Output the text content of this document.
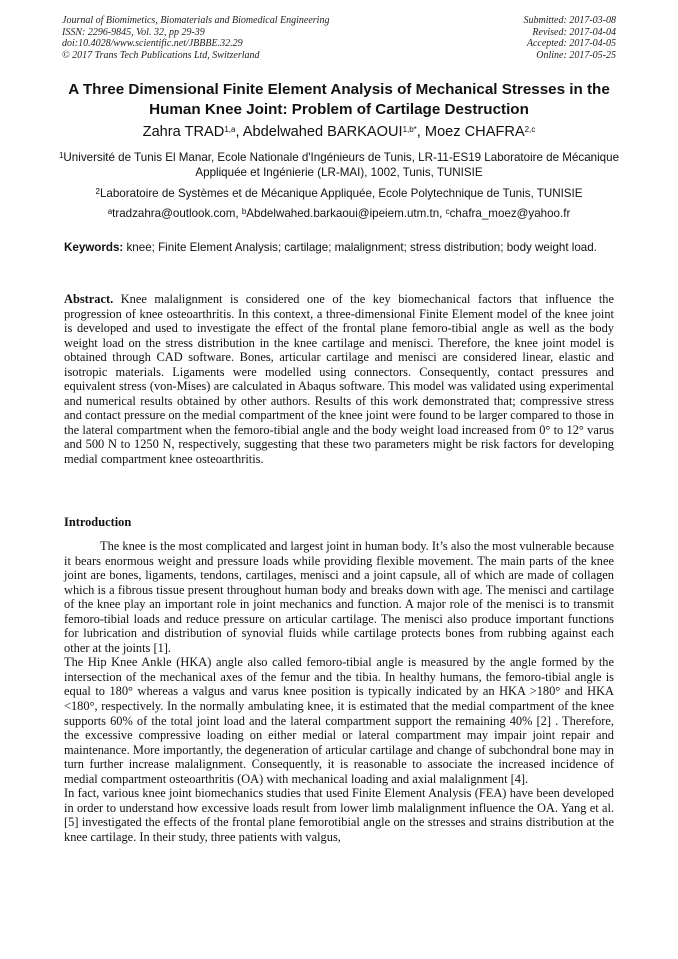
Journal of Biomimetics, Biomaterials and Biomedical Engineering
ISSN: 2296-9845, Vol. 32, pp 29-39
doi:10.4028/www.scientific.net/JBBBE.32.29
© 2017 Trans Tech Publications Ltd, Switzerland
Submitted: 2017-03-08
Revised: 2017-04-04
Accepted: 2017-04-05
Online: 2017-05-25
A Three Dimensional Finite Element Analysis of Mechanical Stresses in the Human Knee Joint: Problem of Cartilage Destruction
Zahra TRAD$^{1,a}$, Abdelwahed $BARKAOUI^{1,b*}$, Moez CHAFRA$^{2,c}$
$^1$Université de Tunis El Manar, Ecole Nationale d'Ingénieurs de Tunis, LR-11-ES19 Laboratoire de Mécanique Appliquée et Ingénierie (LR-MAI), 1002, Tunis, TUNISIE
$^2$Laboratoire de Systèmes et de Mécanique Appliquée, Ecole Polytechnique de Tunis, TUNISIE
$^a$tradzahra@outlook.com, $^b$Abdelwahed.barkaoui@ipeiem.utm.tn, $^c$chafra_moez@yahoo.fr
Keywords: knee; Finite Element Analysis; cartilage; malalignment; stress distribution; body weight load.
Abstract. Knee malalignment is considered one of the key biomechanical factors that influence the progression of knee osteoarthritis. In this context, a three-dimensional Finite Element model of the knee joint is developed and used to investigate the effect of the frontal plane femoro-tibial angle as well as the body weight load on the stress distribution in the knee cartilage and menisci. Therefore, the knee joint model is obtained through CAD software. Bones, articular cartilage and menisci are considered linear, elastic and isotropic materials. Ligaments were modelled using connectors. Consequently, contact pressures and equivalent stress (von-Mises) are calculated in Abaqus software. This model was validated using experimental and numerical results obtained by other authors. Results of this work demonstrated that; compressive stress and contact pressure on the medial compartment of the knee joint were found to be larger compared to those in the lateral compartment when the femoro-tibial angle and the body weight load increased from 0° to 12° varus and 500 N to 1250 N, respectively, suggesting that these two parameters might be risk factors for developing medial compartment knee osteoarthritis.
Introduction

The knee is the most complicated and largest joint in human body. It’s also the most vulnerable because it bears enormous weight and pressure loads while providing flexible movement. The main parts of the knee joint are bones, ligaments, tendons, cartilages, menisci and a joint capsule, all of which are made of collagen which is a fibrous tissue present throughout human body and breaks down with age. The menisci and cartilage of the knee play an important role in joint mechanics and function. A major role of the menisci is to transmit femoro-tibial loads and reduce pressure on articular cartilage. The menisci also produce important functions for lubrication and distribution of synovial fluids while cartilage protects bones from rubbing against each other at the joints [1].

The Hip Knee Ankle (HKA) angle also called femoro-tibial angle is measured by the angle formed by the intersection of the mechanical axes of the femur and the tibia. In healthy humans, the femoro-tibial angle is equal to 180° whereas a valgus and varus knee position is typically indicated by an HKA >180° and HKA <180°, respectively. In the normally ambulating knee, it is estimated that the medial compartment of the knee supports 60% of the total joint load and the lateral compartment support the remaining 40% [2] . Therefore, the excessive compressive loading on either medial or lateral compartment may impair joint repair and maintenance. More importantly, the degeneration of articular cartilage and change of subchondral bone may in turn further increase malalignment. Consequently, it is reasonable to associate the increased incidence of medial compartment osteoarthritis (OA) with mechanical loading and axial malalignment [4].

In fact, various knee joint biomechanics studies that used Finite Element Analysis (FEA) have been developed in order to understand how excessive loads result from lower limb malalignment influence the OA. Yang et al. [5] investigated the effects of the frontal plane femorotibial angle on the stresses and strains distribution at the knee cartilage. In their study, three patients with valgus,
